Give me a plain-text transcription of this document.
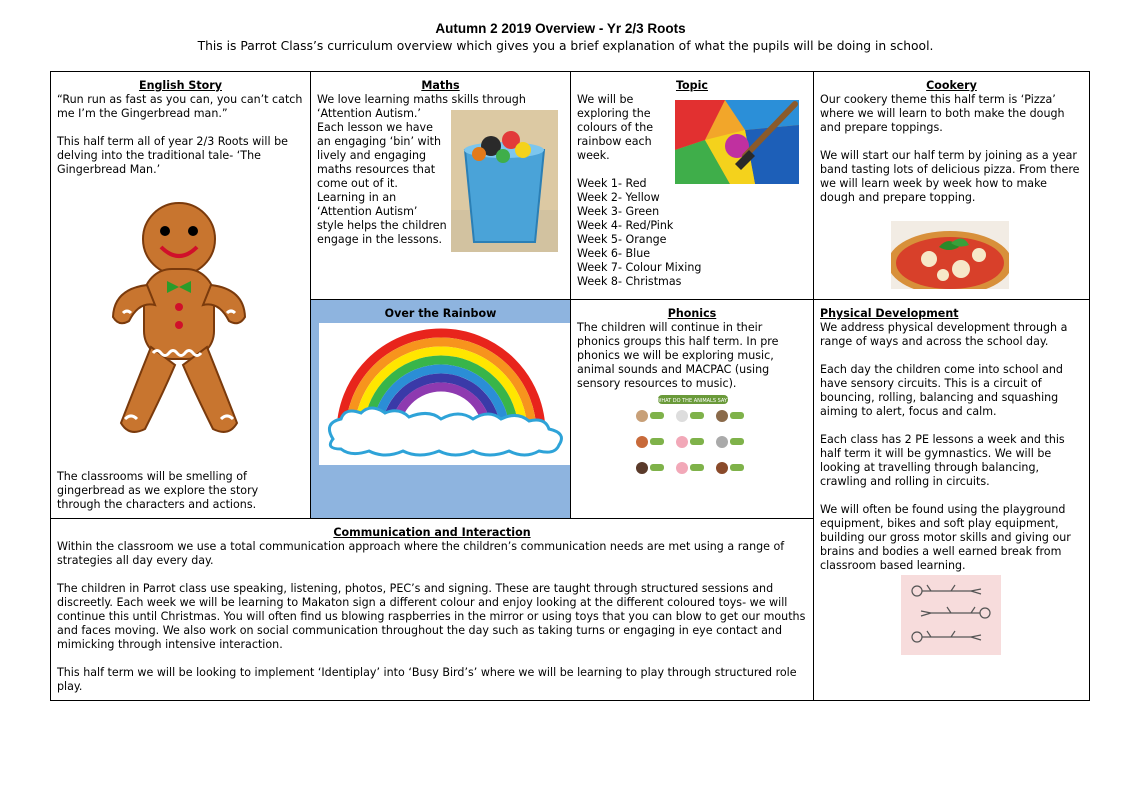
Autumn 2 2019 Overview - Yr 2/3 Roots
This is Parrot Class’s curriculum overview which gives you a brief explanation of what the pupils will be doing in school.
English Story

“Run run as fast as you can, you can’t catch me I’m the Gingerbread man.”

This half term all of year 2/3 Roots will be delving into the traditional tale- ‘The Gingerbread Man.’

The classrooms will be smelling of gingerbread as we explore the story through the characters and actions.

Maths

We love learning maths skills through ‘Attention Autism.’

Each lesson we have an engaging ‘bin’ with lively and engaging maths resources that come out of it. Learning in an ‘Attention Autism’ style helps the children engage in the lessons.

Topic

We will be exploring the colours of the rainbow each week.

Week 1- Red
Week 2- Yellow
Week 3- Green
Week 4- Red/Pink
Week 5- Orange
Week 6- Blue
Week 7- Colour Mixing
Week 8- Christmas
Cookery

Our cookery theme this half term is ‘Pizza’ where we will learn to both make the dough and prepare toppings.

We will start our half term by joining as a year band tasting lots of delicious pizza. From there we will learn week by week how to make dough and prepare topping.

Over the Rainbow	Phonics

The children will continue in their phonics groups this half term. In pre phonics we will be exploring music, animal sounds and MACPAC (using sensory resources to music).

WHAT DO THE ANIMALS SAY?
Physical Development

We address physical development through a range of ways and across the school day.

Each day the children come into school and have sensory circuits. This is a circuit of bouncing, rolling, balancing and squashing aiming to alert, focus and calm.

Each class has 2 PE lessons a week and this half term it will be gymnastics. We will be looking at travelling through balancing, crawling and rolling in circuits.

We will often be found using the playground equipment, bikes and soft play equipment, building our gross motor skills and giving our brains and bodies a well earned break from classroom based learning.

Communication and Interaction

Within the classroom we use a total communication approach where the children’s communication needs are met using a range of strategies all day every day.

The children in Parrot class use speaking, listening, photos, PEC’s and signing. These are taught through structured sessions and discreetly. Each week we will be learning to Makaton sign a different colour and enjoy looking at the different coloured toys- we will continue this until Christmas. You will often find us blowing raspberries in the mirror or using toys that you can blow to get our mouths and faces moving. We also work on social communication throughout the day such as taking turns or engaging in eye contact and mimicking through intensive interaction.

This half term we will be looking to implement ‘Identiplay’ into ‘Busy Bird’s’ where we will be learning to play through structured role play.
